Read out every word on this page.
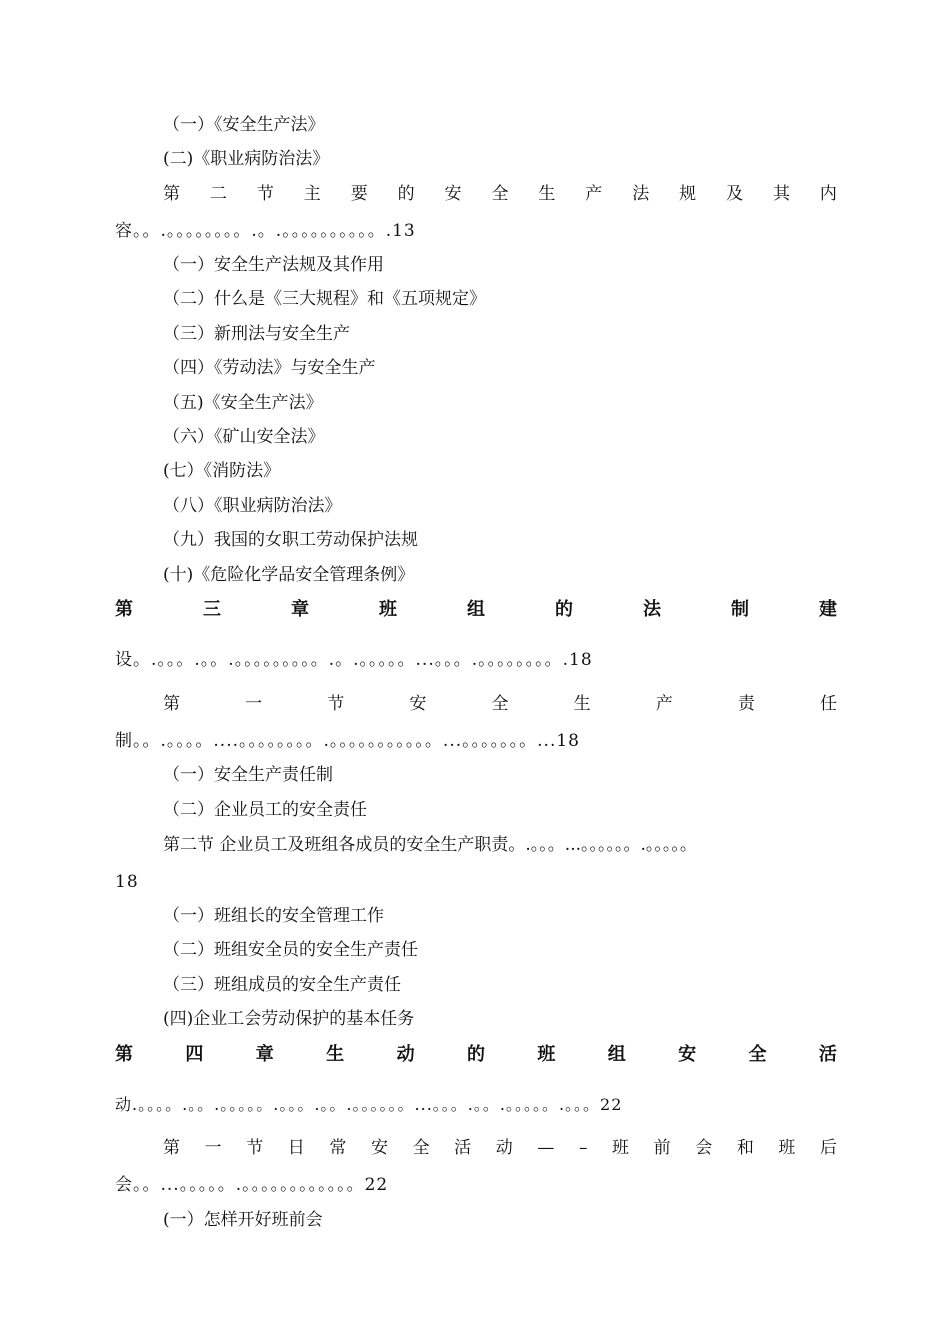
（一）《安全生产法》
(二)《职业病防治法》
第 二 节 主 要 的 安 全 生 产 法 规 及 其 内
容。。.。。。。。。。。.。.。。。。。。。。。。.13
（一）安全生产法规及其作用
（二）什么是《三大规程》和《五项规定》
（三）新刑法与安全生产
（四）《劳动法》与安全生产
（五)《安全生产法》
（六）《矿山安全法》
(七）《消防法》
（八）《职业病防治法》
（九）我国的女职工劳动保护法规
(十)《危险化学品安全管理条例》
第	三	章	班	组	的	法	制	建
设。.。。。.。。.。。。。。。。。。.。.。。。。。...。。。.。。。。。。。。.18
第	一	节	安	全	生	产	责	任
制。。.。。。。....。。。。。。。。.。。。。。。。。。。。...。。。。。。。...18
（一）安全生产责任制
（二）企业员工的安全责任
第二节 企业员工及班组各成员的安全生产职责。.。。。...。。。。。。.。。。。。
18
（一）班组长的安全管理工作
（二）班组安全员的安全生产责任
（三）班组成员的安全生产责任
(四)企业工会劳动保护的基本任务
第	四	章	生	动	的	班	组	安	全	活
动.。。。。.。。.。。。。。.。。。.。。.。。。。。。...。。。.。。.。。。。。.。。。22
第 一 节 日 常 安 全 活 动 — – 班 前 会 和 班 后
会。。...。。。。。.。。。。。。。。。。。。22
(一）怎样开好班前会
